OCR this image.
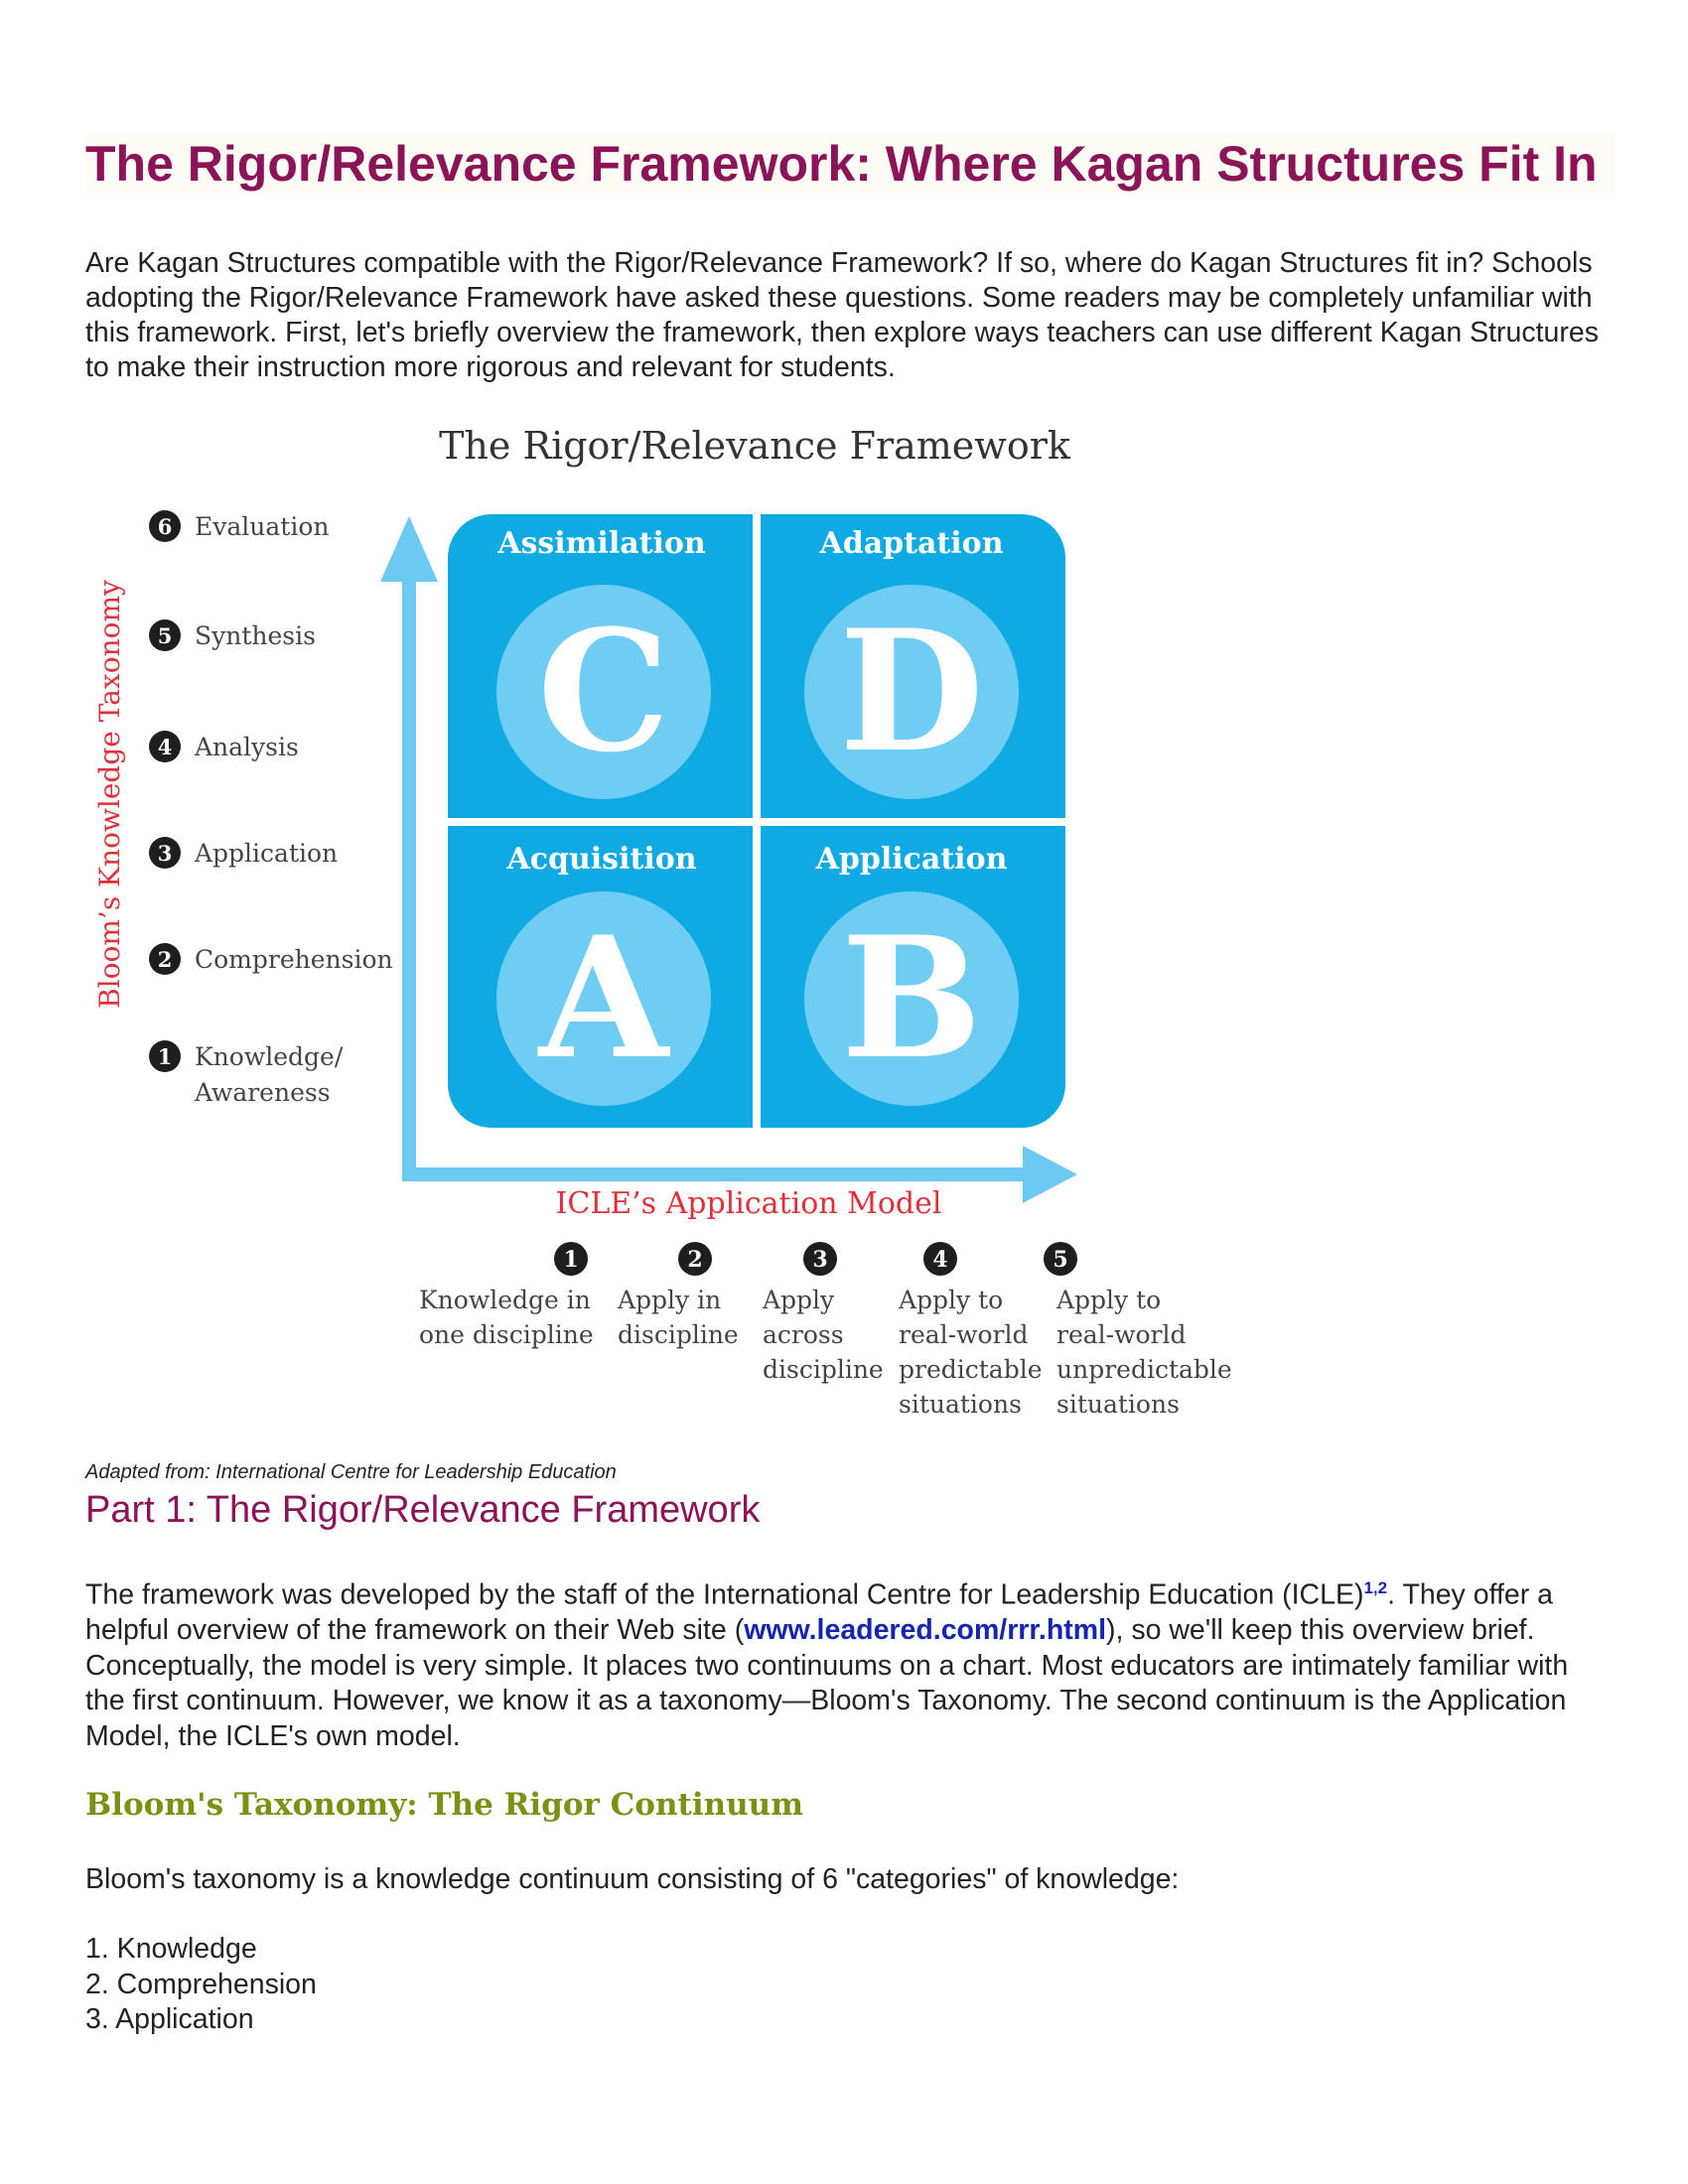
The Rigor/Relevance Framework: Where Kagan Structures Fit In

Are Kagan Structures compatible with the Rigor/Relevance Framework? If so, where do Kagan Structures fit in? Schools adopting the Rigor/Relevance Framework have asked these questions. Some readers may be completely unfamiliar with this framework. First, let's briefly overview the framework, then explore ways teachers can use different Kagan Structures to make their instruction more rigorous and relevant for students.

The Rigor/Relevance Framework
Bloom’s Knowledge Taxonomy
6 Evaluation
5 Synthesis
4 Analysis
3 Application
2 Comprehension
1 Knowledge/
Awareness
Assimilation
C
Adaptation
D
Acquisition
A
Application
B
ICLE’s Application Model
1
Knowledge in
one discipline
2
Apply in
discipline
3
Apply
across
discipline
4
Apply to
real-world
predictable
situations
5
Apply to
real-world
unpredictable
situations

Adapted from: International Centre for Leadership Education

Part 1: The Rigor/Relevance Framework

The framework was developed by the staff of the International Centre for Leadership Education (ICLE)$^{1,2}$. They offer a helpful overview of the framework on their Web site (www.leadered.com/rrr.html), so we'll keep this overview brief. Conceptually, the model is very simple. It places two continuums on a chart. Most educators are intimately familiar with the first continuum. However, we know it as a taxonomy—Bloom's Taxonomy. The second continuum is the Application Model, the ICLE's own model.

Bloom's Taxonomy: The Rigor Continuum

Bloom's taxonomy is a knowledge continuum consisting of 6 "categories" of knowledge:

1. Knowledge
2. Comprehension
3. Application
